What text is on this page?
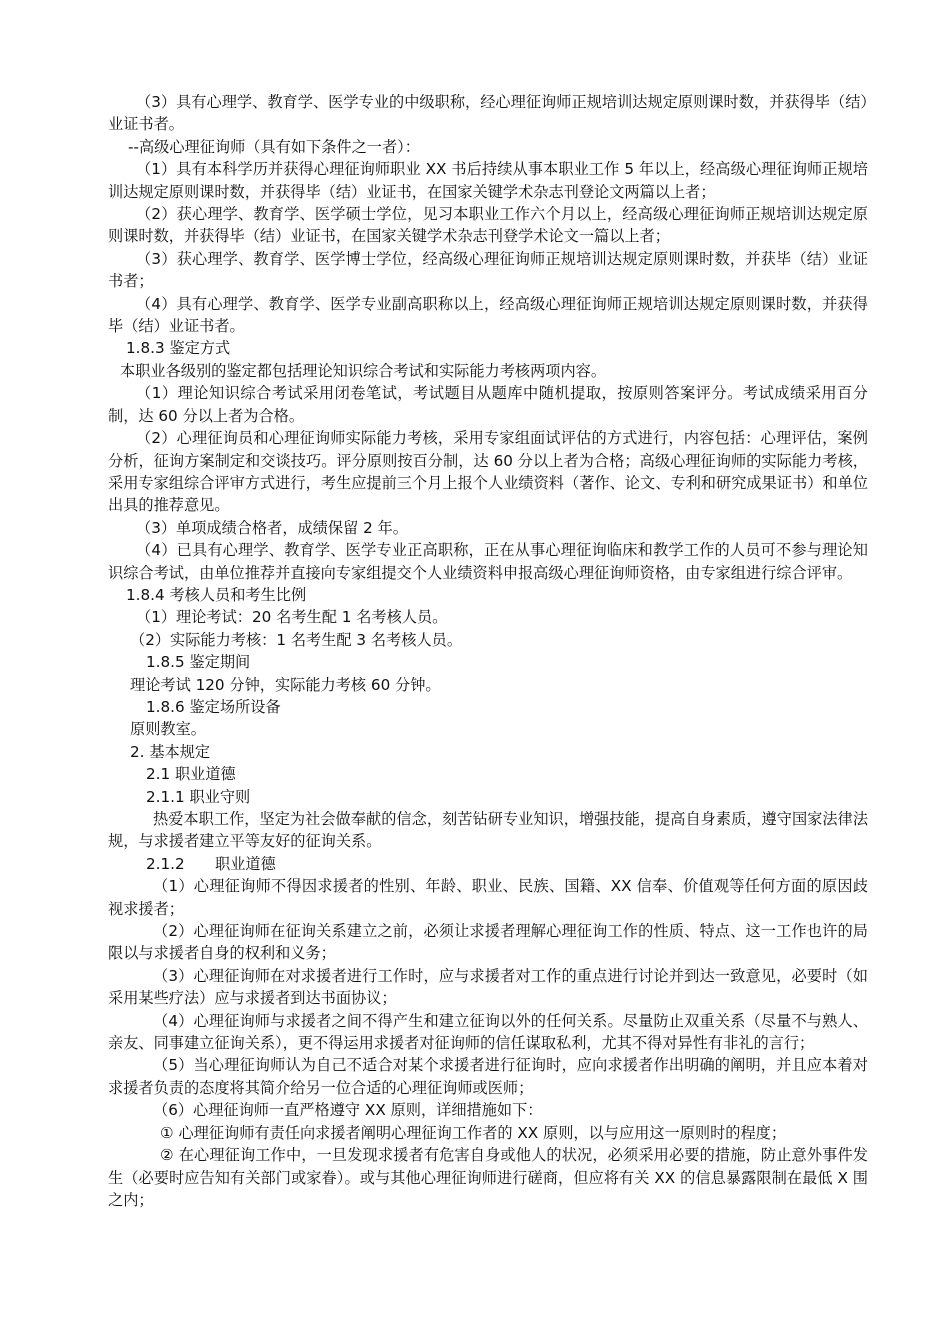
（3）具有心理学、教育学、医学专业的中级职称，经心理征询师正规培训达规定原则课时数，并获得毕（结）业证书者。

--高级心理征询师（具有如下条件之一者）：

（1）具有本科学历并获得心理征询师职业 XX 书后持续从事本职业工作 5 年以上，经高级心理征询师正规培训达规定原则课时数，并获得毕（结）业证书，在国家关键学术杂志刊登论文两篇以上者；

（2）获心理学、教育学、医学硕士学位，见习本职业工作六个月以上，经高级心理征询师正规培训达规定原则课时数，并获得毕（结）业证书，在国家关键学术杂志刊登学术论文一篇以上者；

（3）获心理学、教育学、医学博士学位，经高级心理征询师正规培训达规定原则课时数，并获毕（结）业证书者；

（4）具有心理学、教育学、医学专业副高职称以上，经高级心理征询师正规培训达规定原则课时数，并获得毕（结）业证书者。

1.8.3 鉴定方式

本职业各级别的鉴定都包括理论知识综合考试和实际能力考核两项内容。

（1）理论知识综合考试采用闭卷笔试，考试题目从题库中随机提取，按原则答案评分。考试成绩采用百分制，达 60 分以上者为合格。

（2）心理征询员和心理征询师实际能力考核，采用专家组面试评估的方式进行，内容包括：心理评估，案例分析，征询方案制定和交谈技巧。评分原则按百分制，达 60 分以上者为合格；高级心理征询师的实际能力考核，采用专家组综合评审方式进行，考生应提前三个月上报个人业绩资料（著作、论文、专利和研究成果证书）和单位出具的推荐意见。

（3）单项成绩合格者，成绩保留 2 年。

（4）已具有心理学、教育学、医学专业正高职称，正在从事心理征询临床和教学工作的人员可不参与理论知识综合考试，由单位推荐并直接向专家组提交个人业绩资料申报高级心理征询师资格，由专家组进行综合评审。

1.8.4 考核人员和考生比例

（1）理论考试：20 名考生配 1 名考核人员。

（2）实际能力考核：1 名考生配 3 名考核人员。

1.8.5 鉴定期间

理论考试 120 分钟，实际能力考核 60 分钟。

1.8.6 鉴定场所设备

原则教室。

2. 基本规定

2.1 职业道德

2.1.1 职业守则

热爱本职工作，坚定为社会做奉献的信念，刻苦钻研专业知识，增强技能，提高自身素质，遵守国家法律法规，与求援者建立平等友好的征询关系。

2.1.2　　职业道德

（1）心理征询师不得因求援者的性别、年龄、职业、民族、国籍、XX 信奉、价值观等任何方面的原因歧视求援者；

（2）心理征询师在征询关系建立之前，必须让求援者理解心理征询工作的性质、特点、这一工作也许的局限以与求援者自身的权利和义务；

（3）心理征询师在对求援者进行工作时，应与求援者对工作的重点进行讨论并到达一致意见，必要时（如采用某些疗法）应与求援者到达书面协议；

（4）心理征询师与求援者之间不得产生和建立征询以外的任何关系。尽量防止双重关系（尽量不与熟人、亲友、同事建立征询关系），更不得运用求援者对征询师的信任谋取私利，尤其不得对异性有非礼的言行；

（5）当心理征询师认为自己不适合对某个求援者进行征询时，应向求援者作出明确的阐明，并且应本着对求援者负责的态度将其简介给另一位合适的心理征询师或医师；

（6）心理征询师一直严格遵守 XX 原则，详细措施如下：

① 心理征询师有责任向求援者阐明心理征询工作者的 XX 原则，以与应用这一原则时的程度；

② 在心理征询工作中，一旦发现求援者有危害自身或他人的状况，必须采用必要的措施，防止意外事件发生（必要时应告知有关部门或家眷）。或与其他心理征询师进行磋商，但应将有关 XX 的信息暴露限制在最低 X 围之内；
